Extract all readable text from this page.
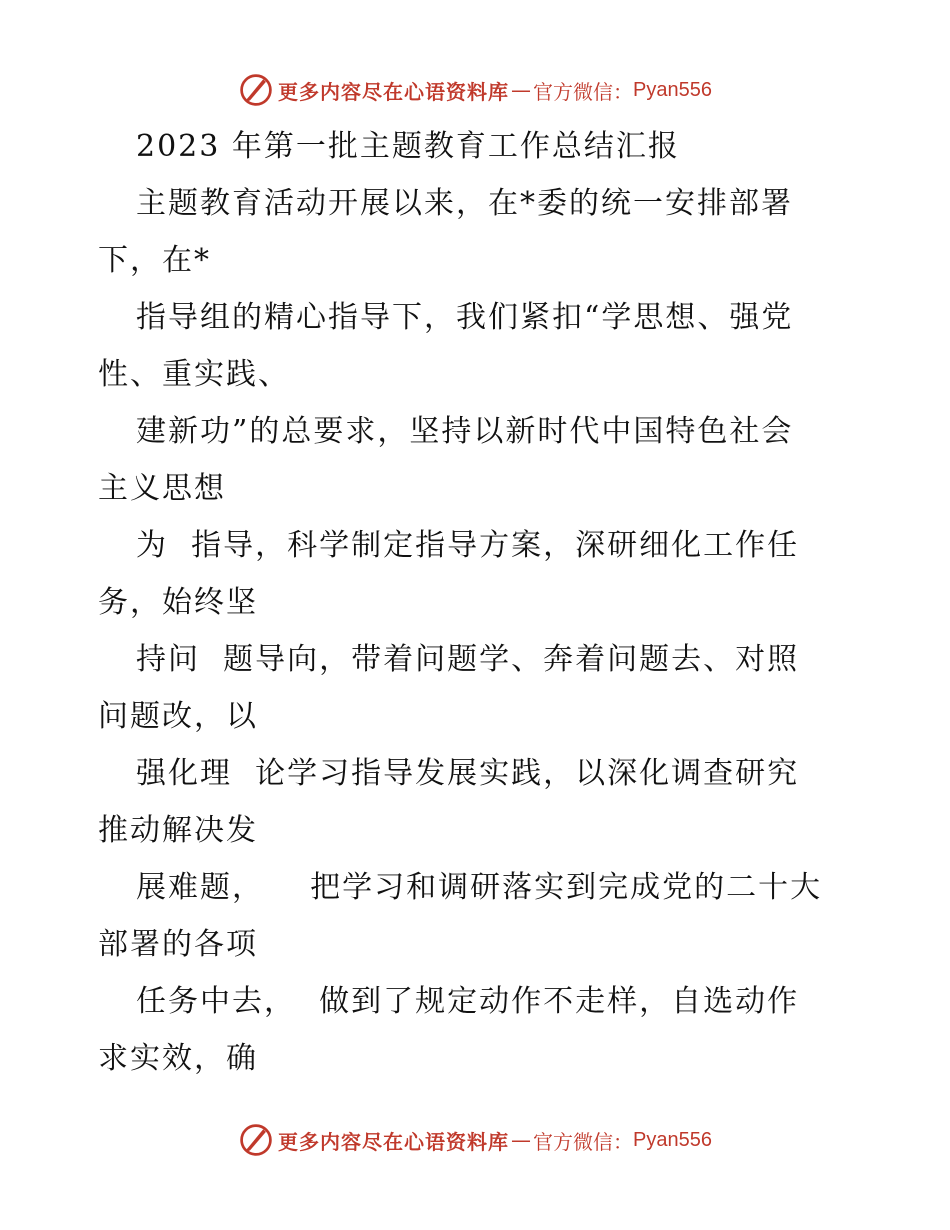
更多内容尽在心语资料库 — 官方微信： Pyan556
2023 年第一批主题教育工作总结汇报
主题教育活动开展以来，在*委的统一安排部署
下，在*
指导组的精心指导下，我们紧扣“学思想、强党
性、重实践、
建新功”的总要求，坚持以新时代中国特色社会
主义思想
为  指导，科学制定指导方案，深研细化工作任
务，始终坚
持问  题导向，带着问题学、奔着问题去、对照
问题改，以
强化理  论学习指导发展实践，以深化调查研究
推动解决发
展难题，    把学习和调研落实到完成党的二十大
部署的各项
任务中去，  做到了规定动作不走样，自选动作
求实效，确
更多内容尽在心语资料库 — 官方微信： Pyan556
